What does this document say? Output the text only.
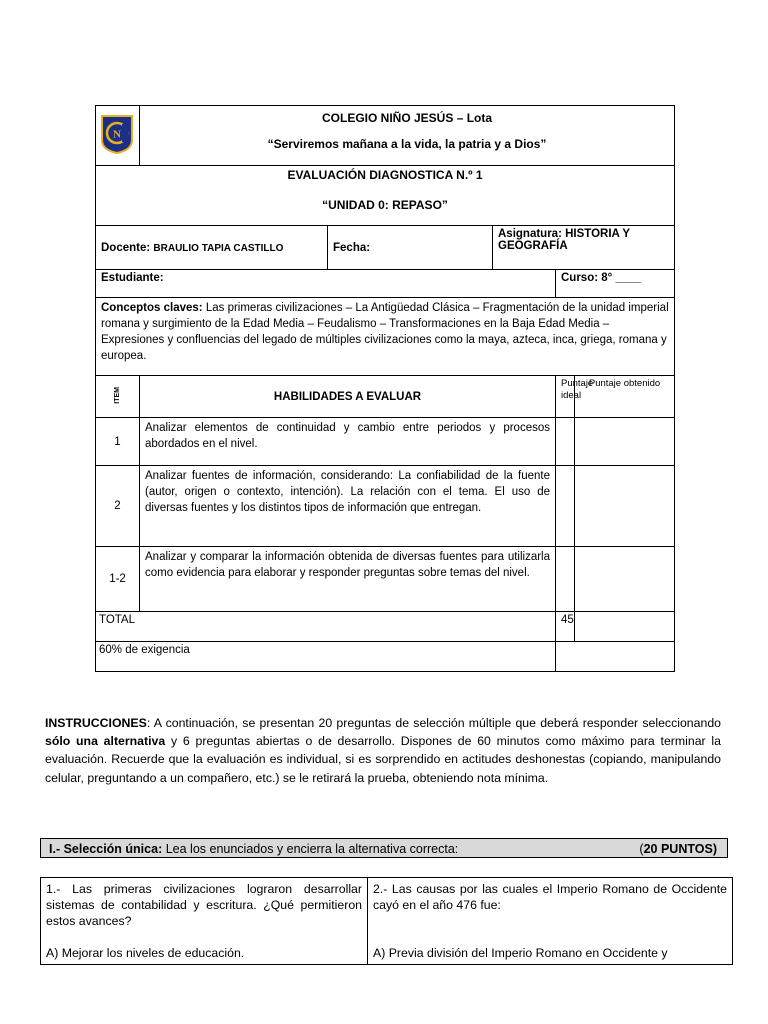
N	COLEGIO NIÑO JESÚS – Lota
“Serviremos mañana a la vida, la patria y a Dios”				

EVALUACIÓN DIAGNOSTICA N.º 1
“UNIDAD 0: REPASO”					

Docente: BRAULIO TAPIA CASTILLO		Fecha:	Asignatura: HISTORIA Y GEOGRAFÍA		
Estudiante:				Curso: 8° ____	
Conceptos claves: Las primeras civilizaciones – La Antigüedad Clásica – Fragmentación de la unidad imperial romana y surgimiento de la Edad Media – Feudalismo – Transformaciones en la Baja Edad Media – Expresiones y confluencias del legado de múltiples civilizaciones como la maya, azteca, inca, griega, romana y europea.					
ITEM	HABILIDADES A EVALUAR			Puntaje ideal	Puntaje obtenido
1	Analizar elementos de continuidad y cambio entre periodos y procesos abordados en el nivel.				
2	Analizar fuentes de información, considerando: La confiabilidad de la fuente (autor, origen o contexto, intención). La relación con el tema. El uso de diversas fuentes y los distintos tipos de información que entregan.				
1-2	Analizar y comparar la información obtenida de diversas fuentes para utilizarla como evidencia para elaborar y responder preguntas sobre temas del nivel.				
TOTAL				45	
60% de exigencia					
INSTRUCCIONES: A continuación, se presentan 20 preguntas de selección múltiple que deberá responder seleccionando sólo una alternativa y 6 preguntas abiertas o de desarrollo. Dispones de 60 minutos como máximo para terminar la evaluación. Recuerde que la evaluación es individual, si es sorprendido en actitudes deshonestas (copiando, manipulando celular, preguntando a un compañero, etc.) se le retirará la prueba, obteniendo nota mínima.
I.- Selección única: Lea los enunciados y encierra la alternativa correcta:	(20 PUNTOS)
1.- Las primeras civilizaciones lograron desarrollar sistemas de contabilidad y escritura. ¿Qué permitieron estos avances?
A) Mejorar los niveles de educación.

2.- Las causas por las cuales el Imperio Romano de Occidente cayó en el año 476 fue:
A) Previa división del Imperio Romano en Occidente y
